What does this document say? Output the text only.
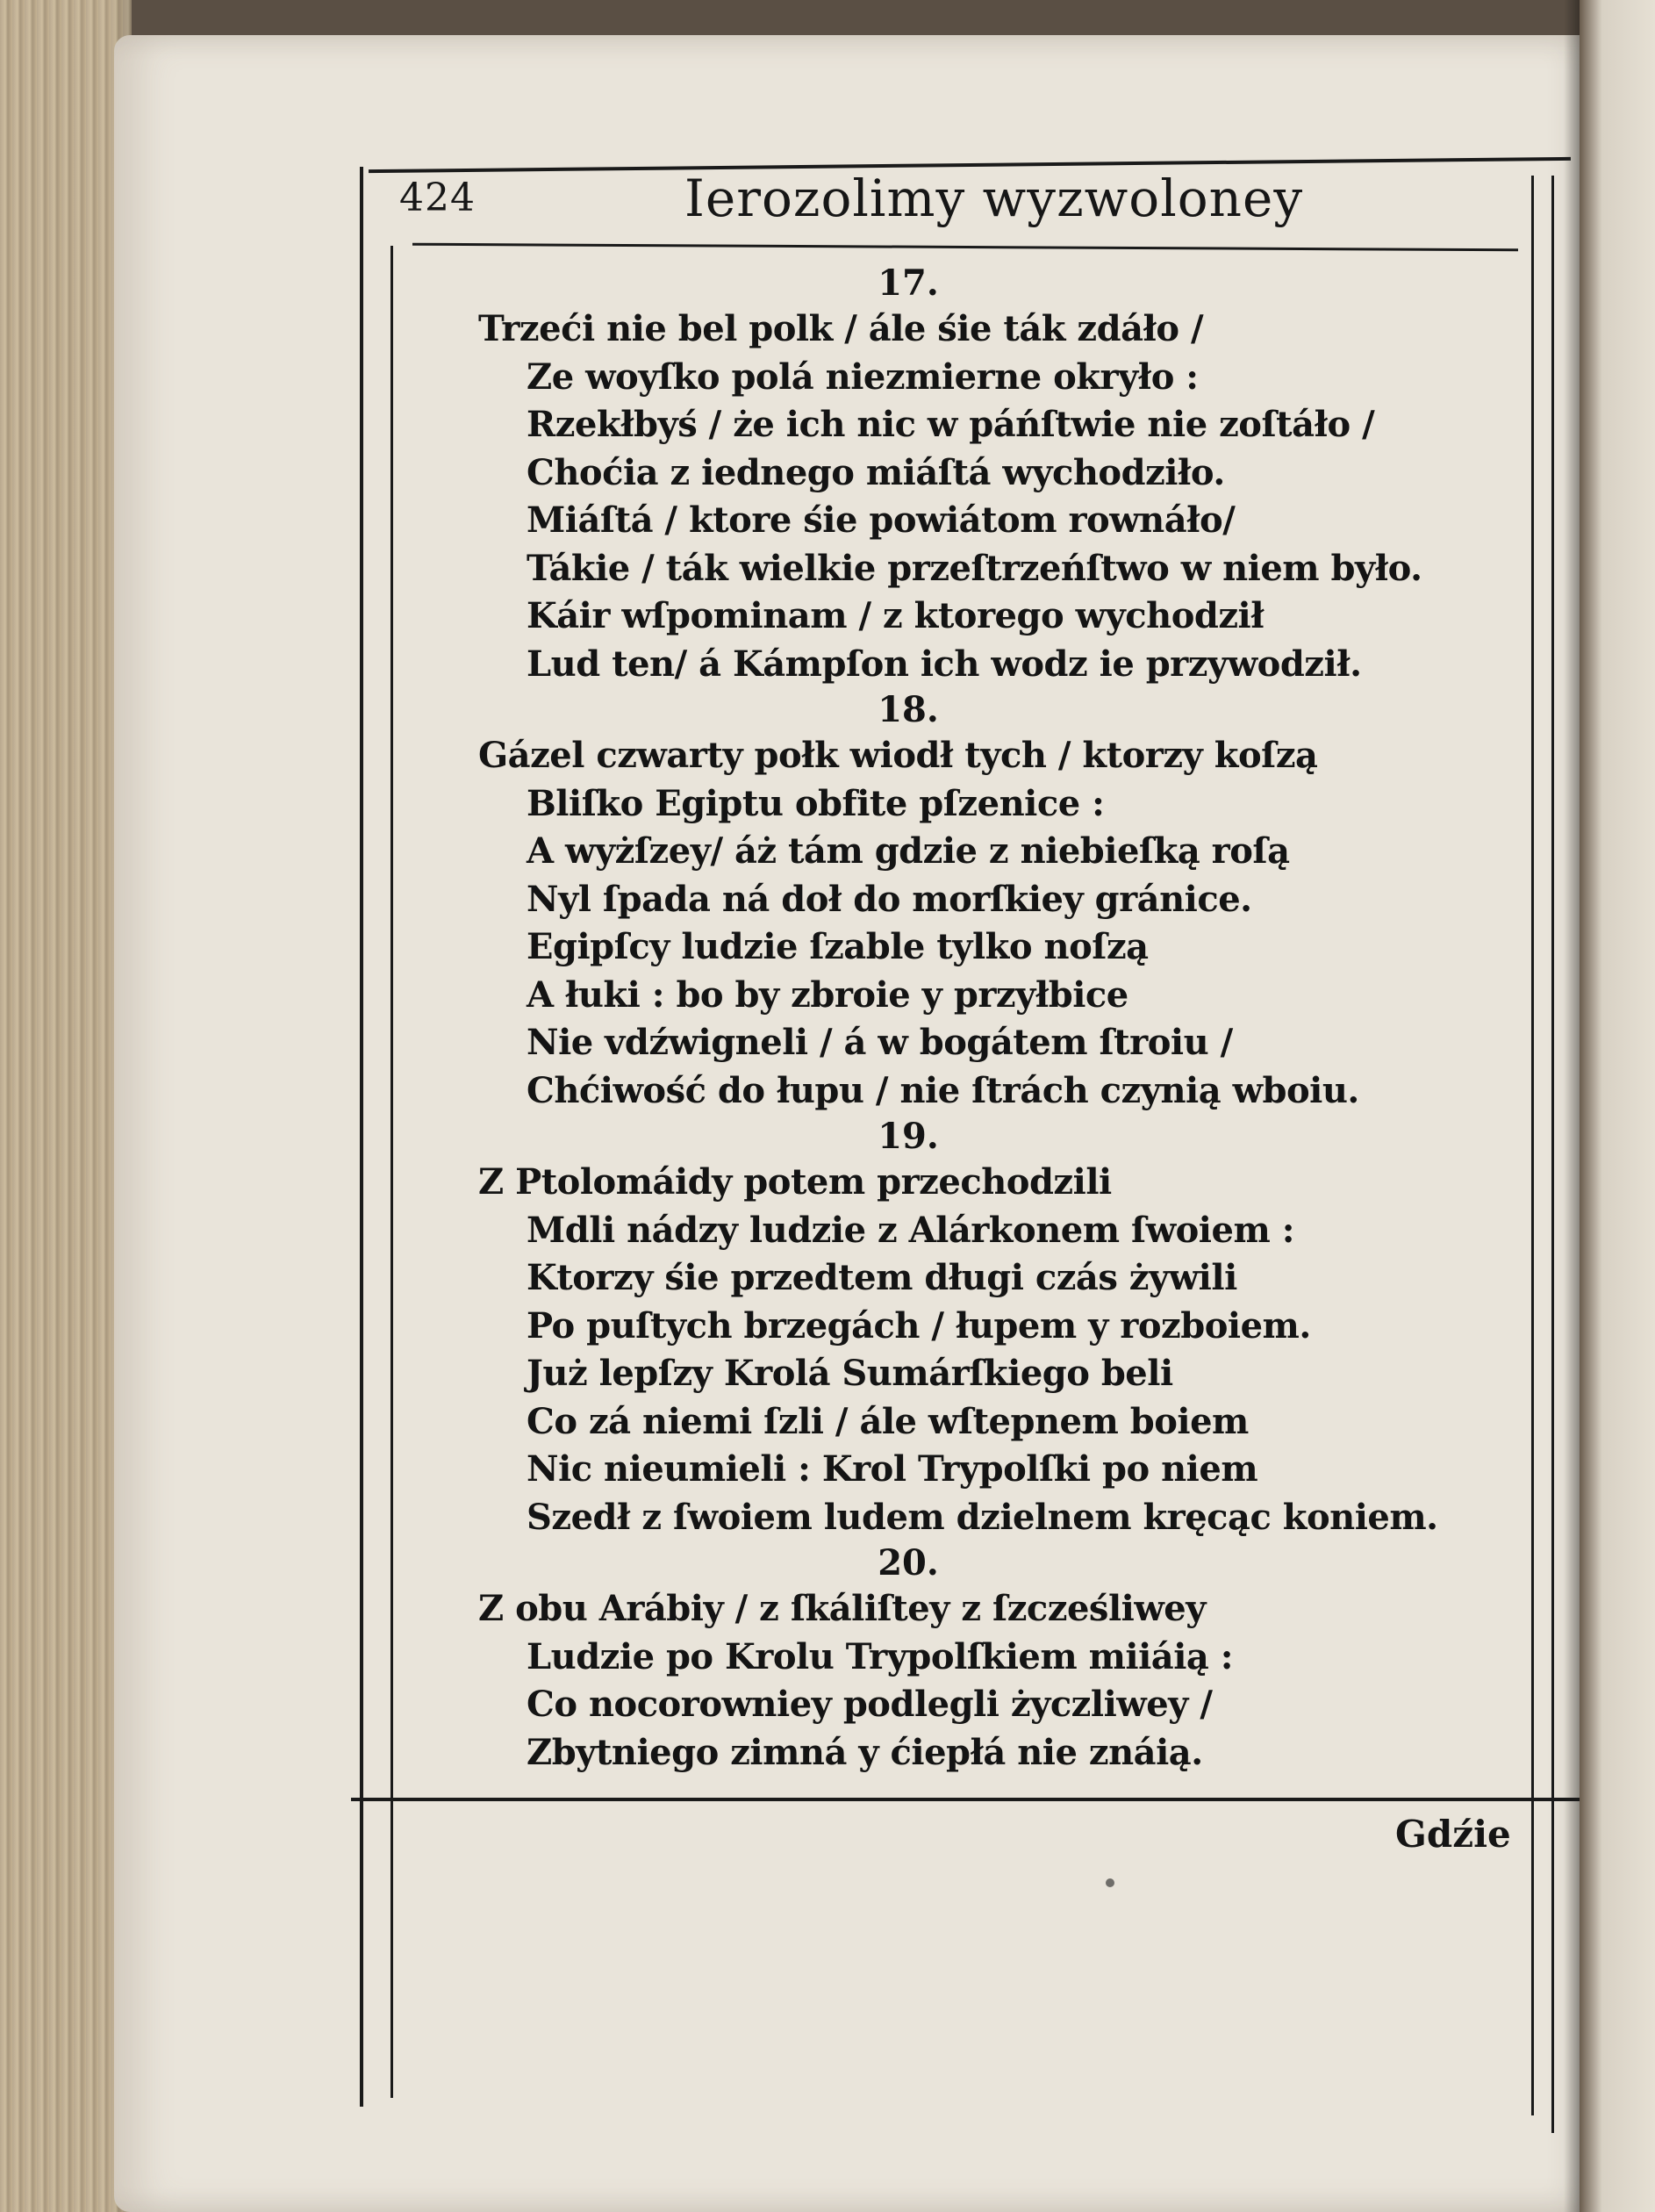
424	Ierozolimy wyzwoloney
17.
Trzeći nie bel polk / ále śie ták zdáło /
Ze woyſko polá niezmierne okryło :
Rzekłbyś / że ich nic w páńſtwie nie zoſtáło /
Choćia z iednego miáſtá wychodziło.
Miáſtá / ktore śie powiátom rownáło/
Tákie / ták wielkie przeſtrzeńſtwo w niem było.
Káir wſpominam / z ktorego wychodził
Lud ten/ á Kámpſon ich wodz ie przywodził.
18.
Gázel czwarty połk wiodł tych / ktorzy koſzą
Bliſko Egiptu obfite pſzenice :
A wyżſzey/ áż tám gdzie z niebieſką roſą
Nyl ſpada ná doł do morſkiey gránice.
Egipſcy ludzie ſzable tylko noſzą
A łuki : bo by zbroie y przyłbice
Nie vdźwigneli / á w bogátem ſtroiu /
Chćiwość do łupu / nie ſtrách czynią wboiu.
19.
Z Ptolomáidy potem przechodzili
Mdli nádzy ludzie z Alárkonem ſwoiem :
Ktorzy śie przedtem długi czás żywili
Po puſtych brzegách / łupem y rozboiem.
Już lepſzy Krolá Sumárſkiego beli
Co zá niemi ſzli / ále wſtepnem boiem
Nic nieumieli : Krol Trypolſki po niem
Szedł z ſwoiem ludem dzielnem kręcąc koniem.
20.
Z obu Arábiy / z ſkáliſtey z ſzcześliwey
Ludzie po Krolu Trypolſkiem miiáią :
Co nocorowniey podlegli życzliwey /
Zbytniego zimná y ćiepłá nie znáią.
Gdźie
